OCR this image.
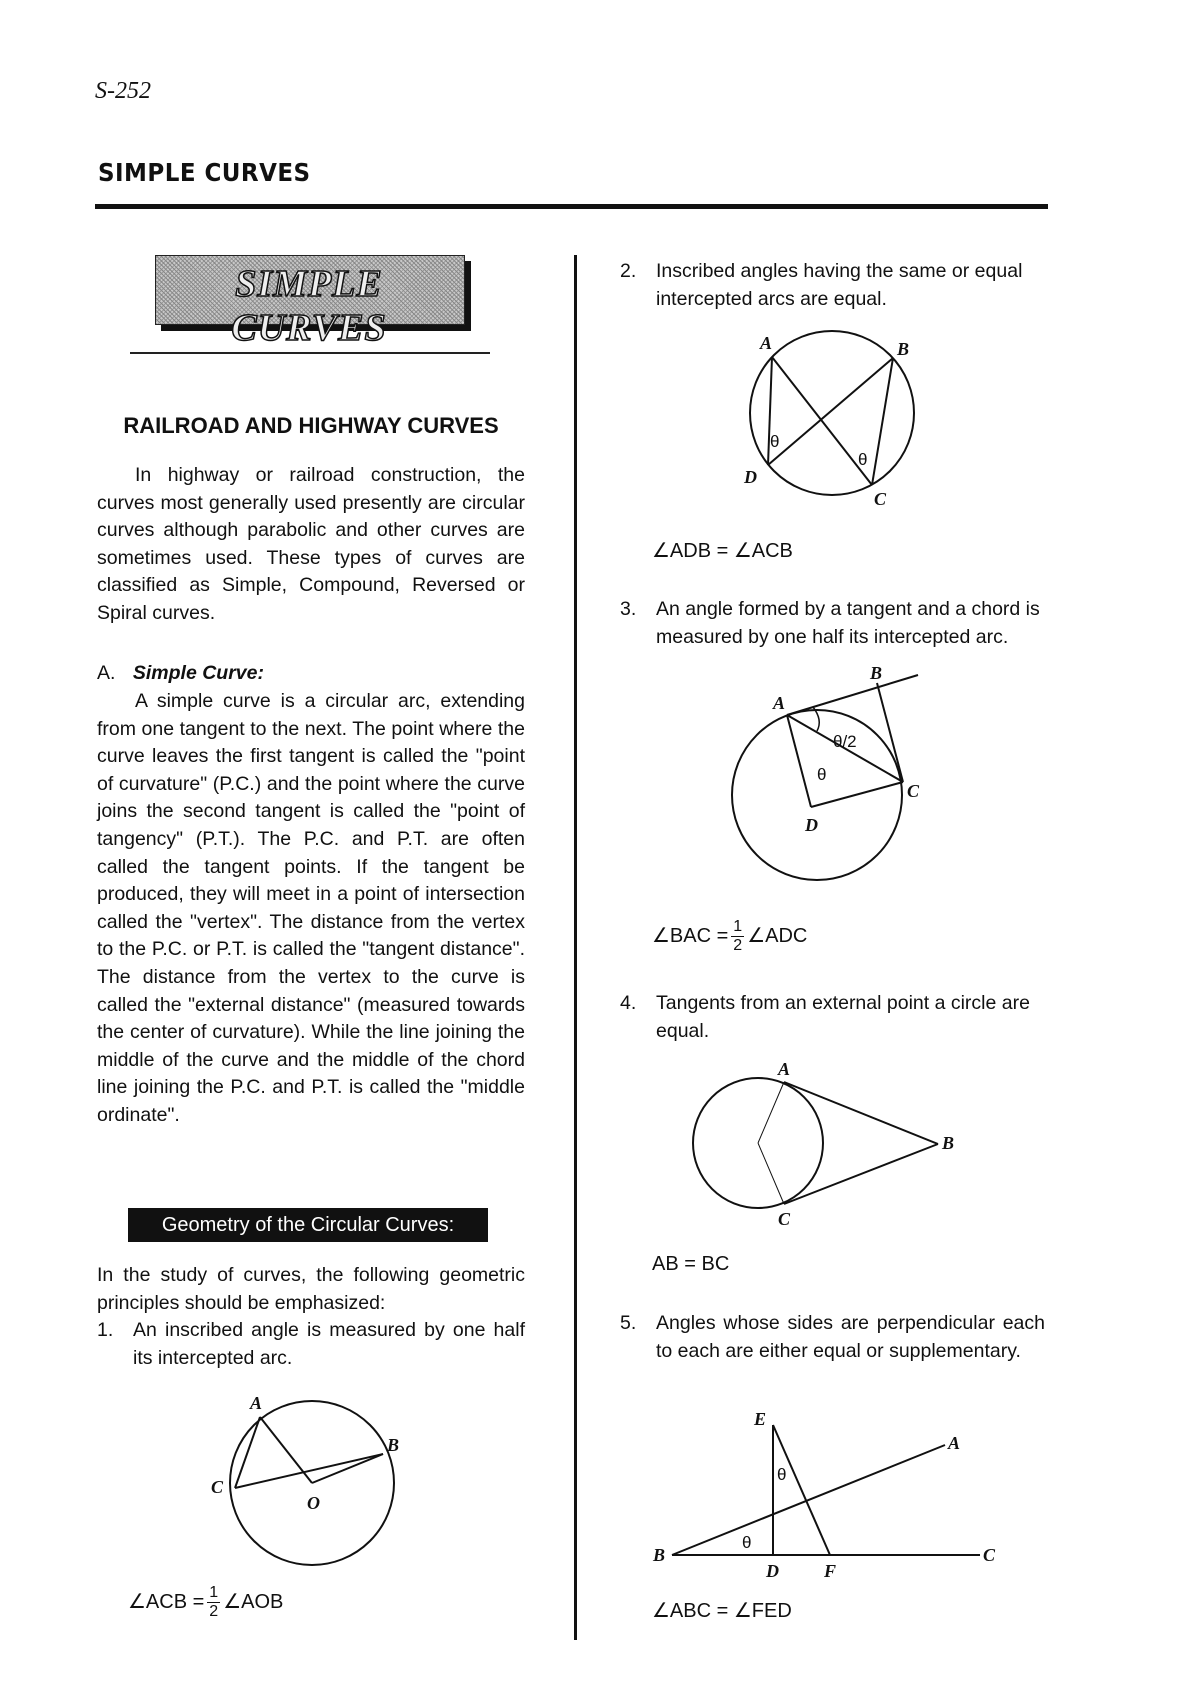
S-252
SIMPLE CURVES
SIMPLE CURVES
RAILROAD AND HIGHWAY CURVES
In highway or railroad construction, the curves most generally used presently are circular curves although parabolic and other curves are sometimes used. These types of curves are classified as Simple, Compound, Reversed or Spiral curves.
A. Simple Curve:
A simple curve is a circular arc, extending from one tangent to the next. The point where the curve leaves the first tangent is called the "point of curvature" (P.C.) and the point where the curve joins the second tangent is called the "point of tangency" (P.T.). The P.C. and P.T. are often called the tangent points. If the tangent be produced, they will meet in a point of intersection called the "vertex". The distance from the vertex to the P.C. or P.T. is called the "tangent distance". The distance from the vertex to the curve is called the "external distance" (measured towards the center of curvature). While the line joining the middle of the curve and the middle of the chord line joining the P.C. and P.T. is called the "middle ordinate".
Geometry of the Circular Curves:
In the study of curves, the following geometric principles should be emphasized:
1.	An inscribed angle is measured by one half its intercepted arc.
A
B
C
O
∠ACB = $\frac{1}{2}$ ∠AOB
2.	Inscribed angles having the same or equal intercepted arcs are equal.
A	B
C
D
θ
θ
∠ADB = ∠ACB
3.	An angle formed by a tangent and a chord is measured by one half its intercepted arc.
A
B
C
D
θ/2
θ
∠BAC = $\frac{1}{2}$ ∠ADC
4.	Tangents from an external point a circle are equal.
A
B
C
AB = BC
5.	Angles whose sides are perpendicular each to each are either equal or supplementary.
E
A
B
D	F
C
θ
θ
∠ABC = ∠FED
